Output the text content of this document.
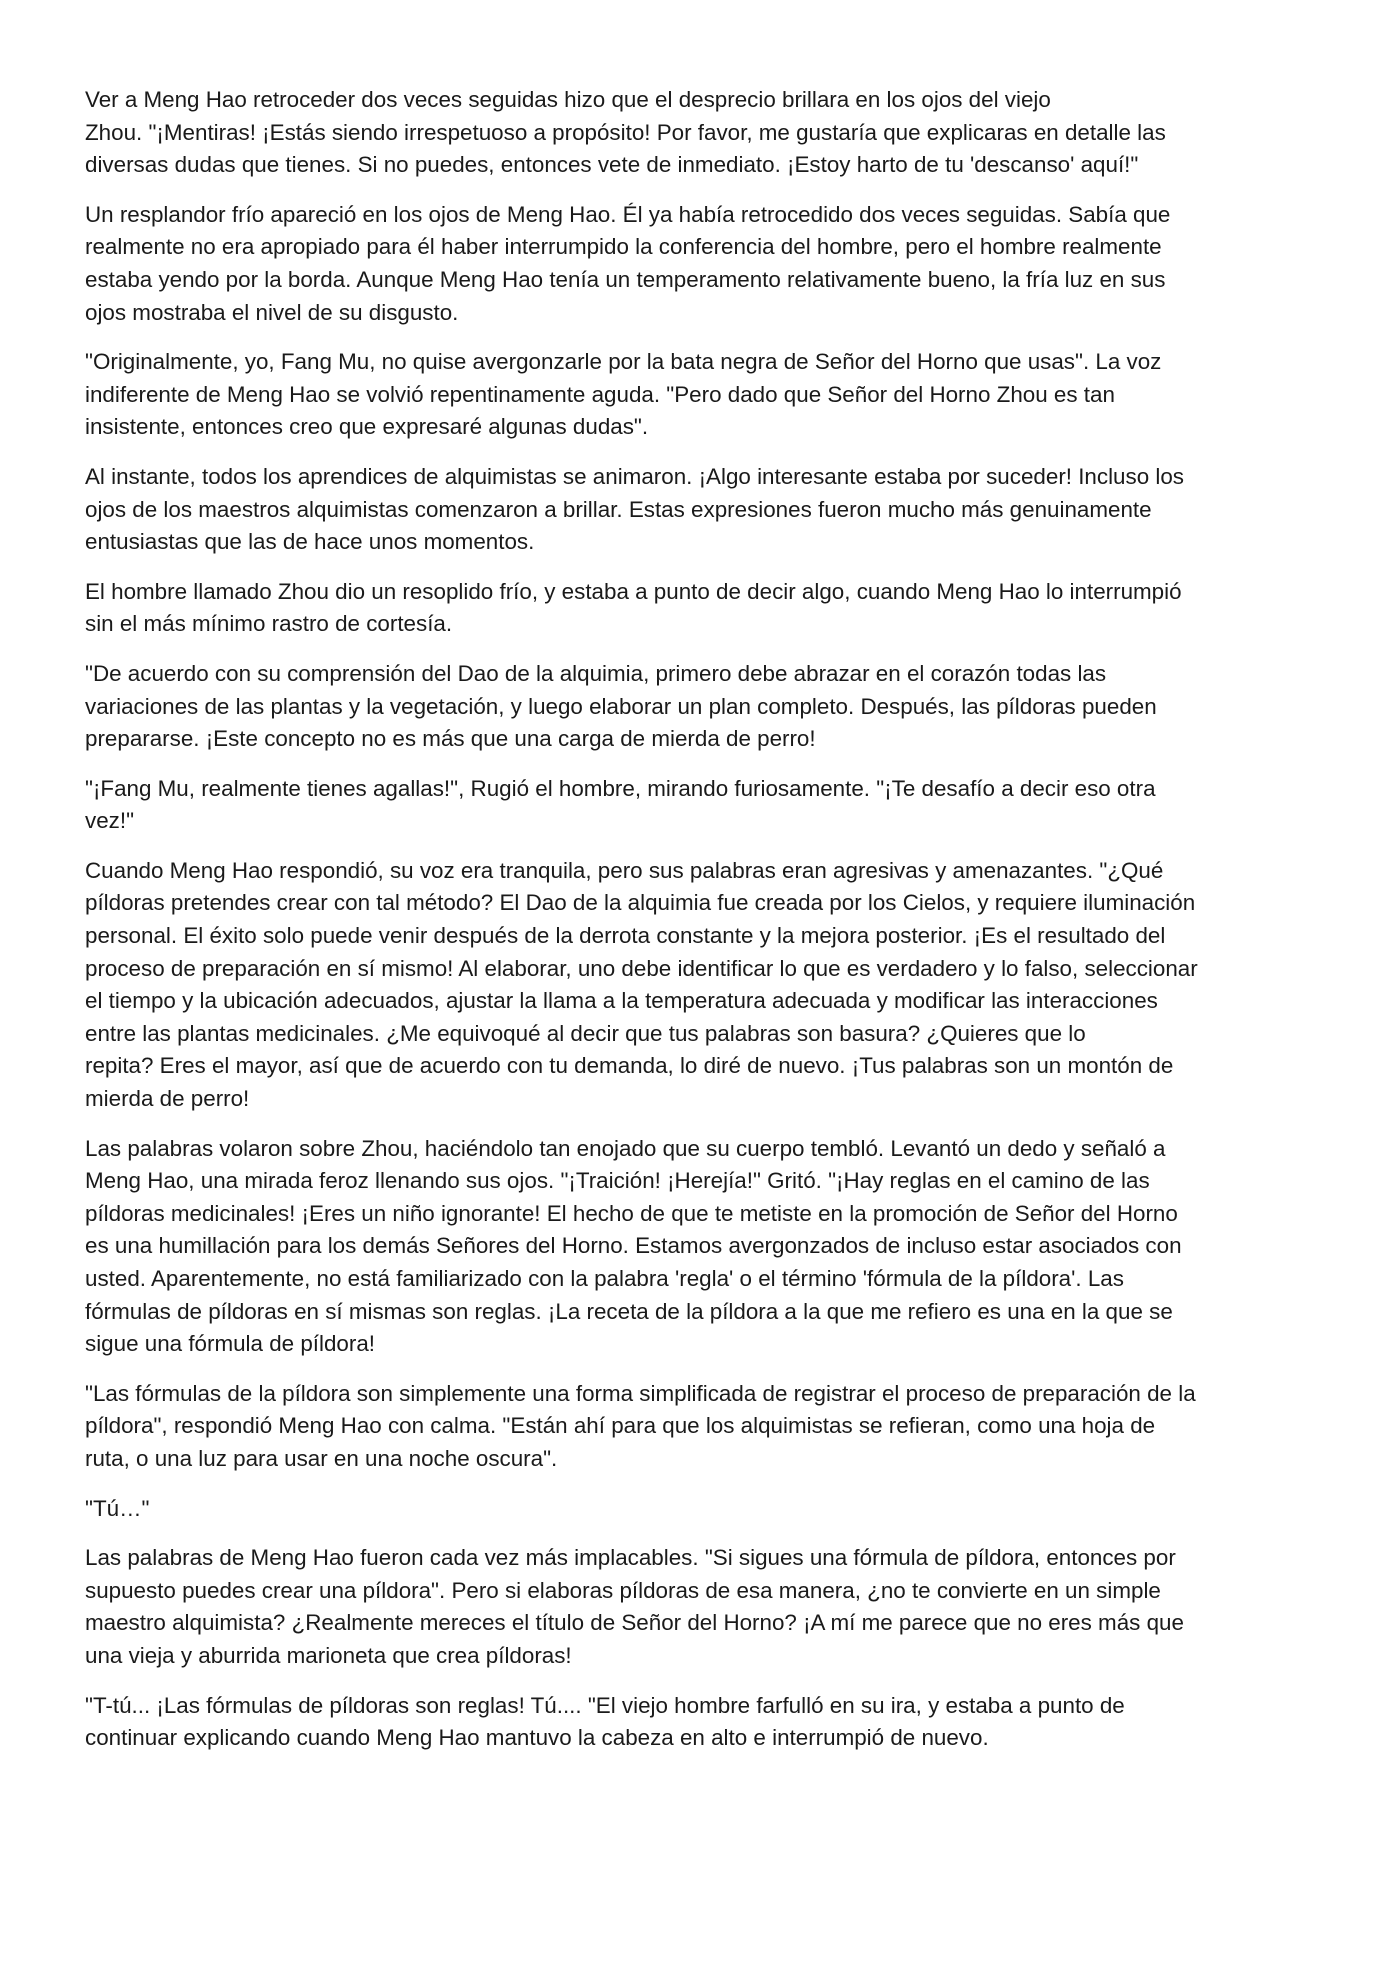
Ver a Meng Hao retroceder dos veces seguidas hizo que el desprecio brillara en los ojos del viejo
Zhou. "¡Mentiras! ¡Estás siendo irrespetuoso a propósito! Por favor, me gustaría que explicaras en detalle las
diversas dudas que tienes. Si no puedes, entonces vete de inmediato. ¡Estoy harto de tu 'descanso' aquí!"

Un resplandor frío apareció en los ojos de Meng Hao. Él ya había retrocedido dos veces seguidas. Sabía que
realmente no era apropiado para él haber interrumpido la conferencia del hombre, pero el hombre realmente
estaba yendo por la borda. Aunque Meng Hao tenía un temperamento relativamente bueno, la fría luz en sus
ojos mostraba el nivel de su disgusto.

"Originalmente, yo, Fang Mu, no quise avergonzarle por la bata negra de Señor del Horno que usas". La voz
indiferente de Meng Hao se volvió repentinamente aguda. "Pero dado que Señor del Horno Zhou es tan
insistente, entonces creo que expresaré algunas dudas".

Al instante, todos los aprendices de alquimistas se animaron. ¡Algo interesante estaba por suceder! Incluso los
ojos de los maestros alquimistas comenzaron a brillar. Estas expresiones fueron mucho más genuinamente
entusiastas que las de hace unos momentos.

El hombre llamado Zhou dio un resoplido frío, y estaba a punto de decir algo, cuando Meng Hao lo interrumpió
sin el más mínimo rastro de cortesía.

"De acuerdo con su comprensión del Dao de la alquimia, primero debe abrazar en el corazón todas las
variaciones de las plantas y la vegetación, y luego elaborar un plan completo. Después, las píldoras pueden
prepararse. ¡Este concepto no es más que una carga de mierda de perro!

"¡Fang Mu, realmente tienes agallas!", Rugió el hombre, mirando furiosamente. "¡Te desafío a decir eso otra
vez!"

Cuando Meng Hao respondió, su voz era tranquila, pero sus palabras eran agresivas y amenazantes. "¿Qué
píldoras pretendes crear con tal método? El Dao de la alquimia fue creada por los Cielos, y requiere iluminación
personal. El éxito solo puede venir después de la derrota constante y la mejora posterior. ¡Es el resultado del
proceso de preparación en sí mismo! Al elaborar, uno debe identificar lo que es verdadero y lo falso, seleccionar
el tiempo y la ubicación adecuados, ajustar la llama a la temperatura adecuada y modificar las interacciones
entre las plantas medicinales. ¿Me equivoqué al decir que tus palabras son basura? ¿Quieres que lo
repita? Eres el mayor, así que de acuerdo con tu demanda, lo diré de nuevo. ¡Tus palabras son un montón de
mierda de perro!

Las palabras volaron sobre Zhou, haciéndolo tan enojado que su cuerpo tembló. Levantó un dedo y señaló a
Meng Hao, una mirada feroz llenando sus ojos. "¡Traición! ¡Herejía!" Gritó. "¡Hay reglas en el camino de las
píldoras medicinales! ¡Eres un niño ignorante! El hecho de que te metiste en la promoción de Señor del Horno
es una humillación para los demás Señores del Horno. Estamos avergonzados de incluso estar asociados con
usted. Aparentemente, no está familiarizado con la palabra 'regla' o el término 'fórmula de la píldora'. Las
fórmulas de píldoras en sí mismas son reglas. ¡La receta de la píldora a la que me refiero es una en la que se
sigue una fórmula de píldora!

"Las fórmulas de la píldora son simplemente una forma simplificada de registrar el proceso de preparación de la
píldora", respondió Meng Hao con calma. "Están ahí para que los alquimistas se refieran, como una hoja de
ruta, o una luz para usar en una noche oscura".

"Tú…"

Las palabras de Meng Hao fueron cada vez más implacables. "Si sigues una fórmula de píldora, entonces por
supuesto puedes crear una píldora". Pero si elaboras píldoras de esa manera, ¿no te convierte en un simple
maestro alquimista? ¿Realmente mereces el título de Señor del Horno? ¡A mí me parece que no eres más que
una vieja y aburrida marioneta que crea píldoras!

"T-tú... ¡Las fórmulas de píldoras son reglas! Tú.... "El viejo hombre farfulló en su ira, y estaba a punto de
continuar explicando cuando Meng Hao mantuvo la cabeza en alto e interrumpió de nuevo.
